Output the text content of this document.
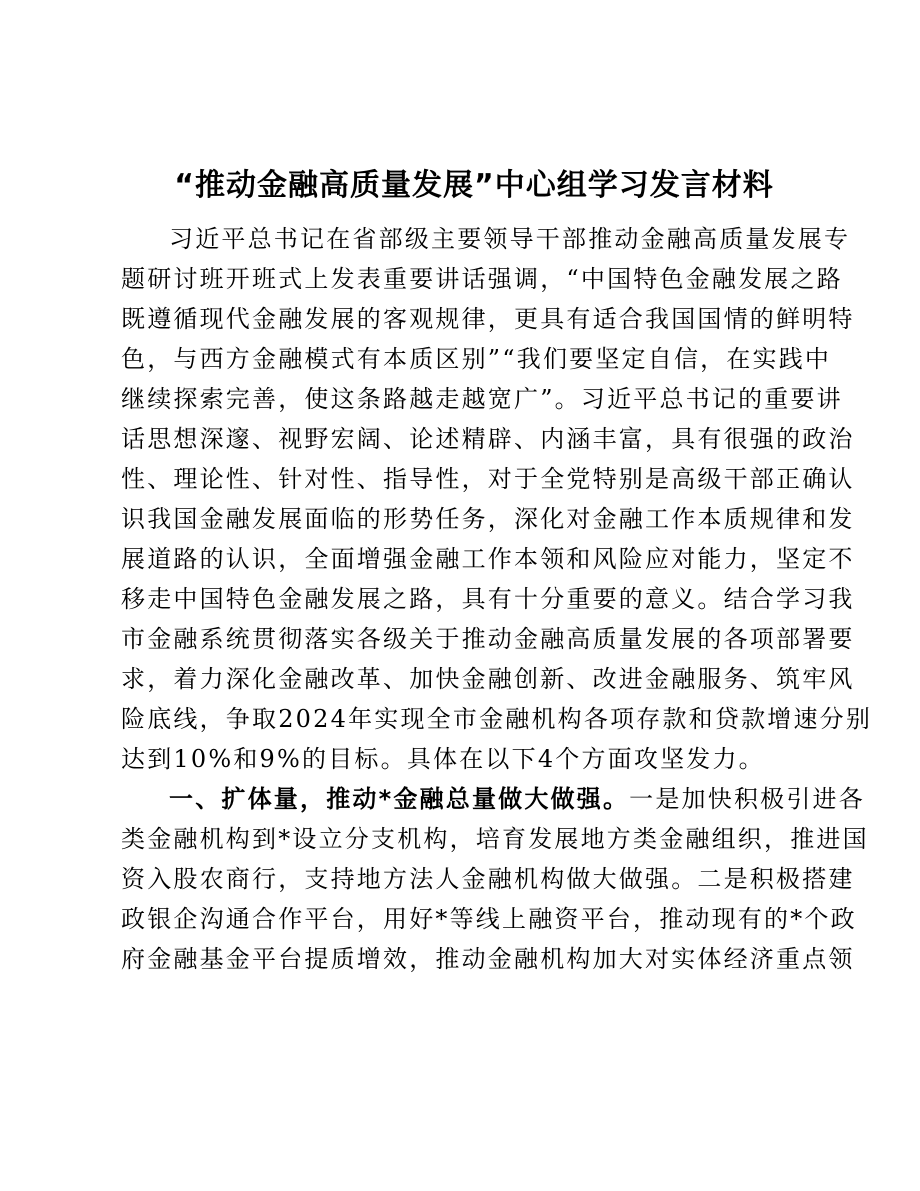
“推动金融高质量发展”中心组学习发言材料
习近平总书记在省部级主要领导干部推动金融高质量发展专
题研讨班开班式上发表重要讲话强调，“中国特色金融发展之路
既遵循现代金融发展的客观规律，更具有适合我国国情的鲜明特
色，与西方金融模式有本质区别”“我们要坚定自信，在实践中
继续探索完善，使这条路越走越宽广”。习近平总书记的重要讲
话思想深邃、视野宏阔、论述精辟、内涵丰富，具有很强的政治
性、理论性、针对性、指导性，对于全党特别是高级干部正确认
识我国金融发展面临的形势任务，深化对金融工作本质规律和发
展道路的认识，全面增强金融工作本领和风险应对能力，坚定不
移走中国特色金融发展之路，具有十分重要的意义。结合学习我
市金融系统贯彻落实各级关于推动金融高质量发展的各项部署要
求，着力深化金融改革、加快金融创新、改进金融服务、筑牢风
险底线，争取2024年实现全市金融机构各项存款和贷款增速分别
达到10%和9%的目标。具体在以下4个方面攻坚发力。
一、扩体量，推动*金融总量做大做强。一是加快积极引进各
类金融机构到*设立分支机构，培育发展地方类金融组织，推进国
资入股农商行，支持地方法人金融机构做大做强。二是积极搭建
政银企沟通合作平台，用好*等线上融资平台，推动现有的*个政
府金融基金平台提质增效，推动金融机构加大对实体经济重点领
